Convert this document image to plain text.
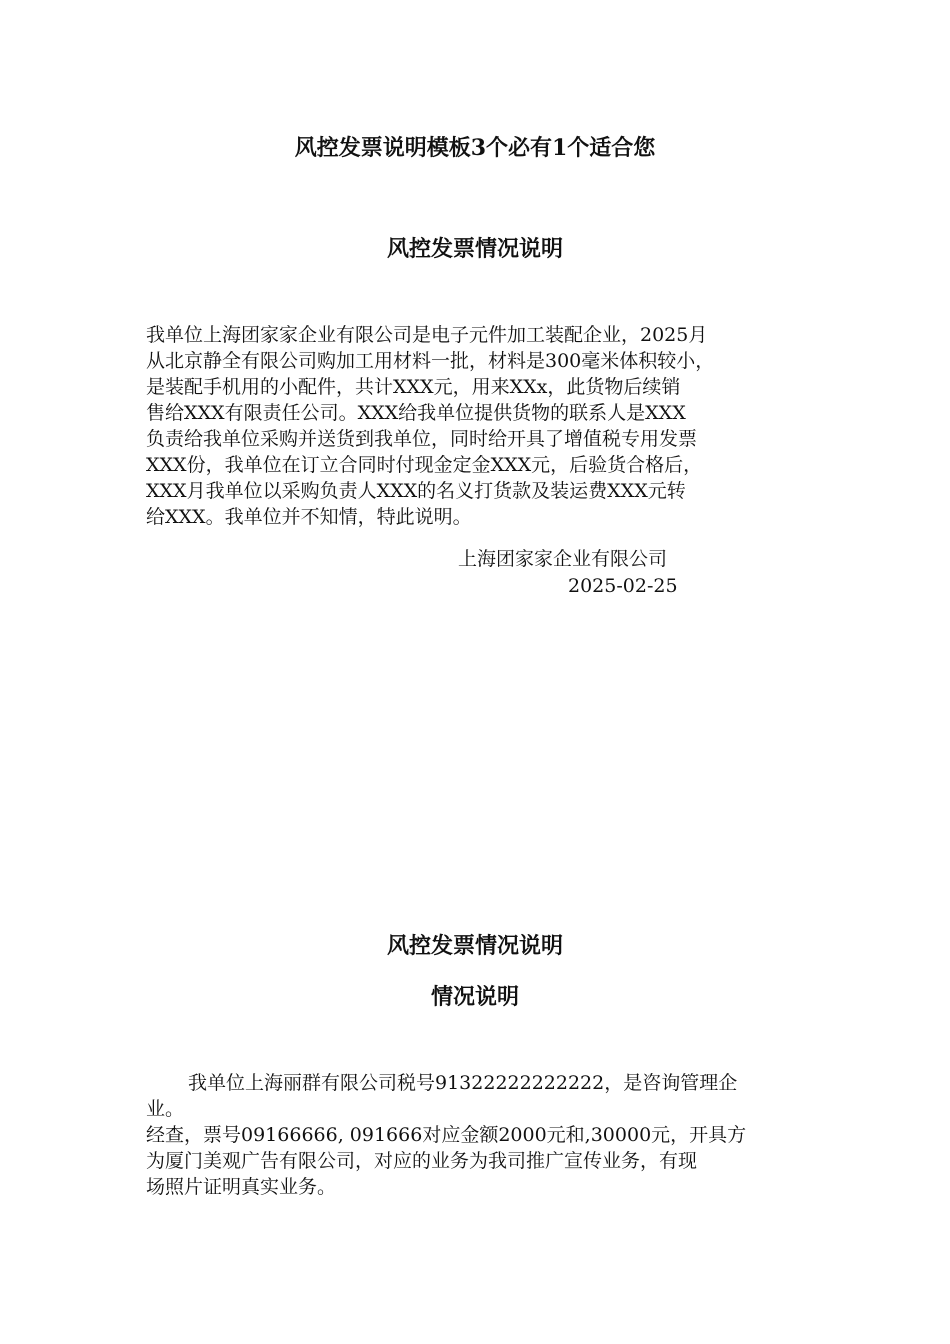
风控发票说明模板3个必有1个适合您
风控发票情况说明
我单位上海团家家企业有限公司是电子元件加工装配企业，2025月
从北京静全有限公司购加工用材料一批，材料是300毫米体积较小，
是装配手机用的小配件，共计XXX元，用来XXx，此货物后续销
售给XXX有限责任公司。XXX给我单位提供货物的联系人是XXX
负责给我单位采购并送货到我单位，同时给开具了增值税专用发票
XXX份，我单位在订立合同时付现金定金XXX元，后验货合格后，
XXX月我单位以采购负责人XXX的名义打货款及装运费XXX元转
给XXX。我单位并不知情，特此说明。
上海团家家企业有限公司
2025-02-25
风控发票情况说明
情况说明
我单位上海丽群有限公司税号91322222222222，是咨询管理企
业。
经查，票号09166666, 091666对应金额2000元和,30000元，开具方
为厦门美观广告有限公司，对应的业务为我司推广宣传业务，有现
场照片证明真实业务。
